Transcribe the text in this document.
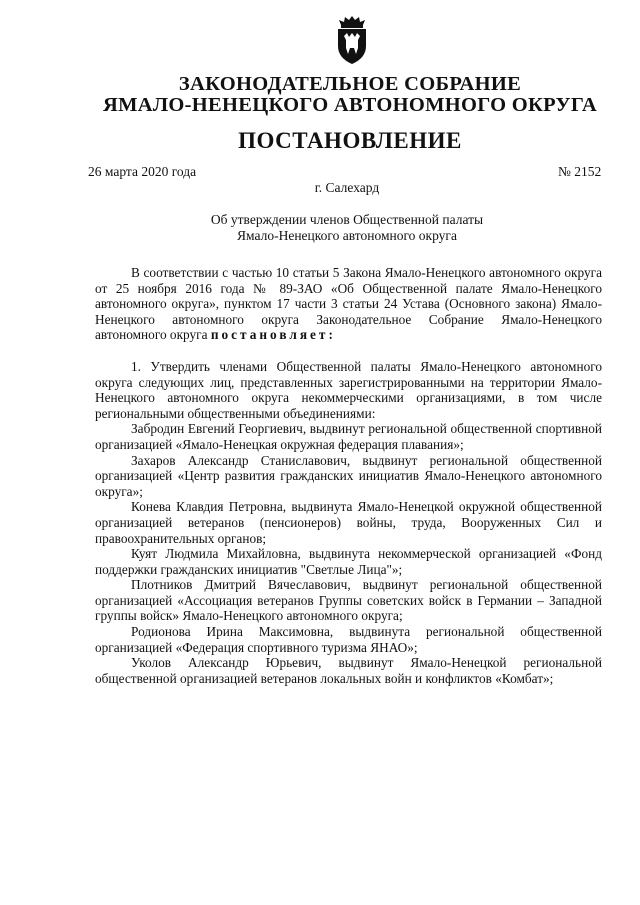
ЗАКОНОДАТЕЛЬНОЕ СОБРАНИЕ
ЯМАЛО-НЕНЕЦКОГО АВТОНОМНОГО ОКРУГА
ПОСТАНОВЛЕНИЕ
26 марта 2020 года	№ 2152
г. Салехард
Об утверждении членов Общественной палаты
Ямало-Ненецкого автономного округа

В соответствии с частью 10 статьи 5 Закона Ямало-Ненецкого автономного округа от 25 ноября 2016 года № 89-ЗАО «Об Общественной палате Ямало-Ненецкого автономного округа», пунктом 17 части 3 статьи 24 Устава (Основного закона) Ямало-Ненецкого автономного округа Законодательное Собрание Ямало-Ненецкого автономного округа постановляет:

1. Утвердить членами Общественной палаты Ямало-Ненецкого автономного округа следующих лиц, представленных зарегистрированными на территории Ямало-Ненецкого автономного округа некоммерческими организациями, в том числе региональными общественными объединениями:

Забродин Евгений Георгиевич, выдвинут региональной общественной спортивной организацией «Ямало-Ненецкая окружная федерация плавания»;

Захаров Александр Станиславович, выдвинут региональной общественной организацией «Центр развития гражданских инициатив Ямало-Ненецкого автономного округа»;

Конева Клавдия Петровна, выдвинута Ямало-Ненецкой окружной общественной организацией ветеранов (пенсионеров) войны, труда, Вооруженных Сил и правоохранительных органов;

Куят Людмила Михайловна, выдвинута некоммерческой организацией «Фонд поддержки гражданских инициатив "Светлые Лица"»;

Плотников Дмитрий Вячеславович, выдвинут региональной общественной организацией «Ассоциация ветеранов Группы советских войск в Германии – Западной группы войск» Ямало-Ненецкого автономного округа;

Родионова Ирина Максимовна, выдвинута региональной общественной организацией «Федерация спортивного туризма ЯНАО»;

Уколов Александр Юрьевич, выдвинут Ямало-Ненецкой региональной общественной организацией ветеранов локальных войн и конфликтов «Комбат»;
